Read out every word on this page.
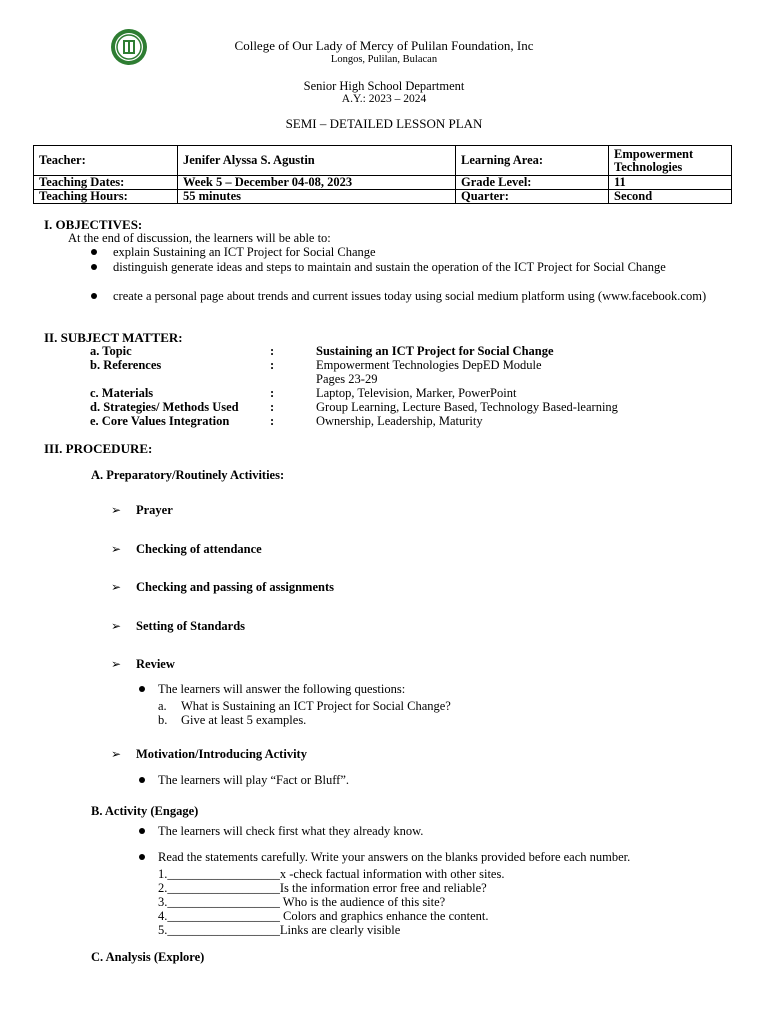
College of Our Lady of Mercy of Pulilan Foundation, Inc
Longos, Pulilan, Bulacan
Senior High School Department
A.Y.: 2023 – 2024
SEMI – DETAILED LESSON PLAN
Teacher:	Jenifer Alyssa S. Agustin	Learning Area:	Empowerment Technologies
Teaching Dates:	Week 5 – December 04-08, 2023	Grade Level:	11
Teaching Hours:	55 minutes	Quarter:	Second
I. OBJECTIVES:
At the end of discussion, the learners will be able to:
explain Sustaining an ICT Project for Social Change
distinguish generate ideas and steps to maintain and sustain the operation of the ICT Project for Social Change
create a personal page about trends and current issues today using social medium platform using (www.facebook.com)
II. SUBJECT MATTER:
a. Topic	:	Sustaining an ICT Project for Social Change
b. References	:	Empowerment Technologies DepED Module
Pages 23-29
c. Materials	:	Laptop, Television, Marker, PowerPoint
d. Strategies/ Methods Used	:	Group Learning, Lecture Based, Technology Based-learning
e. Core Values Integration	:	Ownership, Leadership, Maturity
III. PROCEDURE:
A. Preparatory/Routinely Activities:
➢ Prayer
➢ Checking of attendance
➢ Checking and passing of assignments
➢ Setting of Standards
➢ Review
The learners will answer the following questions:
a. What is Sustaining an ICT Project for Social Change?
b. Give at least 5 examples.
➢ Motivation/Introducing Activity
The learners will play “Fact or Bluff”.
B. Activity (Engage)
The learners will check first what they already know.
Read the statements carefully. Write your answers on the blanks provided before each number.
1.__________________x -check factual information with other sites.
2.__________________Is the information error free and reliable?
3.__________________ Who is the audience of this site?
4.__________________ Colors and graphics enhance the content.
5.__________________Links are clearly visible
C. Analysis (Explore)
